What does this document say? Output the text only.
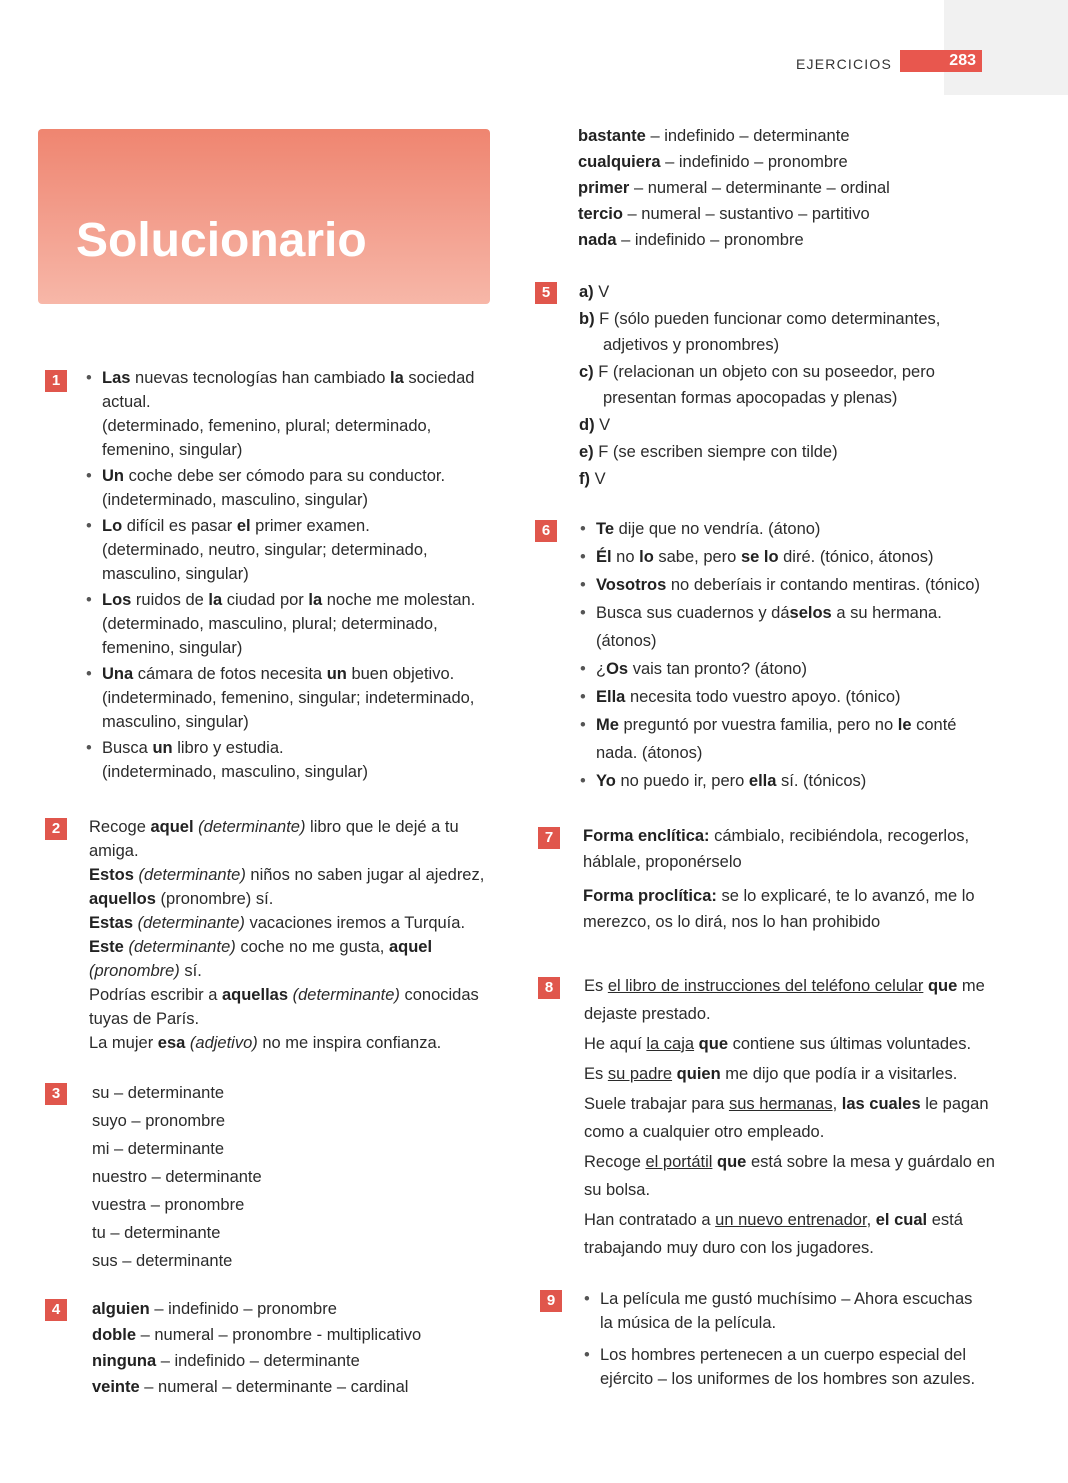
EJERCICIOS	283
Solucionario
1
2
3
4
5
6
7
8
9
• Las nuevas tecnologías han cambiado la sociedad
actual.
(determinado, femenino, plural; determinado,
femenino, singular)
• Un coche debe ser cómodo para su conductor.
(indeterminado, masculino, singular)
• Lo difícil es pasar el primer examen.
(determinado, neutro, singular; determinado,
masculino, singular)
• Los ruidos de la ciudad por la noche me molestan.
(determinado, masculino, plural; determinado,
femenino, singular)
• Una cámara de fotos necesita un buen objetivo.
(indeterminado, femenino, singular; indeterminado,
masculino, singular)
• Busca un libro y estudia.
(indeterminado, masculino, singular)
Recoge aquel (determinante) libro que le dejé a tu
amiga.
Estos (determinante) niños no saben jugar al ajedrez,
aquellos (pronombre) sí.
Estas (determinante) vacaciones iremos a Turquía.
Este (determinante) coche no me gusta, aquel
(pronombre) sí.
Podrías escribir a aquellas (determinante) conocidas
tuyas de París.
La mujer esa (adjetivo) no me inspira confianza.
su – determinante
suyo – pronombre
mi – determinante
nuestro – determinante
vuestra – pronombre
tu – determinante
sus – determinante
alguien – indefinido – pronombre
doble – numeral – pronombre - multiplicativo
ninguna – indefinido – determinante
veinte – numeral – determinante – cardinal
bastante – indefinido – determinante
cualquiera – indefinido – pronombre
primer – numeral – determinante – ordinal
tercio – numeral – sustantivo – partitivo
nada – indefinido – pronombre
a) V
b) F (sólo pueden funcionar como determinantes,
adjetivos y pronombres)
c) F (relacionan un objeto con su poseedor, pero
presentan formas apocopadas y plenas)
d) V
e) F (se escriben siempre con tilde)
f) V
• Te dije que no vendría. (átono)
• Él no lo sabe, pero se lo diré. (tónico, átonos)
• Vosotros no deberíais ir contando mentiras. (tónico)
• Busca sus cuadernos y dáselos a su hermana.
(átonos)
• ¿Os vais tan pronto? (átono)
• Ella necesita todo vuestro apoyo. (tónico)
• Me preguntó por vuestra familia, pero no le conté
nada. (átonos)
• Yo no puedo ir, pero ella sí. (tónicos)
Forma enclítica: cámbialo, recibiéndola, recogerlos,
háblale, proponérselo
Forma proclítica: se lo explicaré, te lo avanzó, me lo
merezco, os lo dirá, nos lo han prohibido
Es el libro de instrucciones del teléfono celular que me
dejaste prestado.
He aquí la caja que contiene sus últimas voluntades.
Es su padre quien me dijo que podía ir a visitarles.
Suele trabajar para sus hermanas, las cuales le pagan
como a cualquier otro empleado.
Recoge el portátil que está sobre la mesa y guárdalo en
su bolsa.
Han contratado a un nuevo entrenador, el cual está
trabajando muy duro con los jugadores.
• La película me gustó muchísimo – Ahora escuchas
la música de la película.
• Los hombres pertenecen a un cuerpo especial del
ejército – los uniformes de los hombres son azules.
